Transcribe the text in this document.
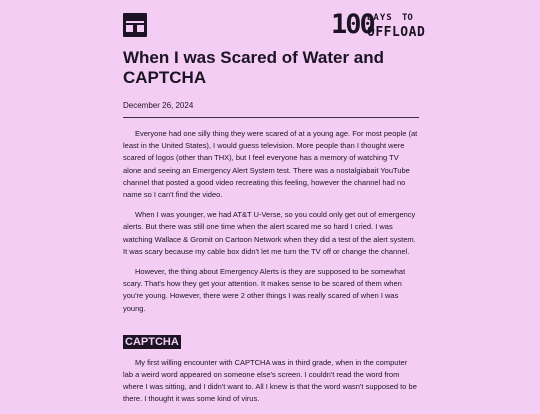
100
DAYS TO
OFFLOAD
When I was Scared of Water and CAPTCHA
December 26, 2024

Everyone had one silly thing they were scared of at a young age. For most people (at least in the United States), I would guess television. More people than I thought were scared of logos (other than THX), but I feel everyone has a memory of watching TV alone and seeing an Emergency Alert System test. There was a nostalgiabait YouTube channel that posted a good video recreating this feeling, however the channel had no name so I can't find the video.

When I was younger, we had AT&T U-Verse, so you could only get out of emergency alerts. But there was still one time when the alert scared me so hard I cried. I was watching Wallace & Gromit on Cartoon Network when they did a test of the alert system. It was scary because my cable box didn't let me turn the TV off or change the channel.

However, the thing about Emergency Alerts is they are supposed to be somewhat scary. That's how they get your attention. It makes sense to be scared of them when you're young. However, there were 2 other things I was really scared of when I was young.

CAPTCHA

My first willing encounter with CAPTCHA was in third grade, when in the computer lab a weird word appeared on someone else's screen. I couldn't read the word from where I was sitting, and I didn't want to. All I knew is that the word wasn't supposed to be there. I thought it was some kind of virus.
